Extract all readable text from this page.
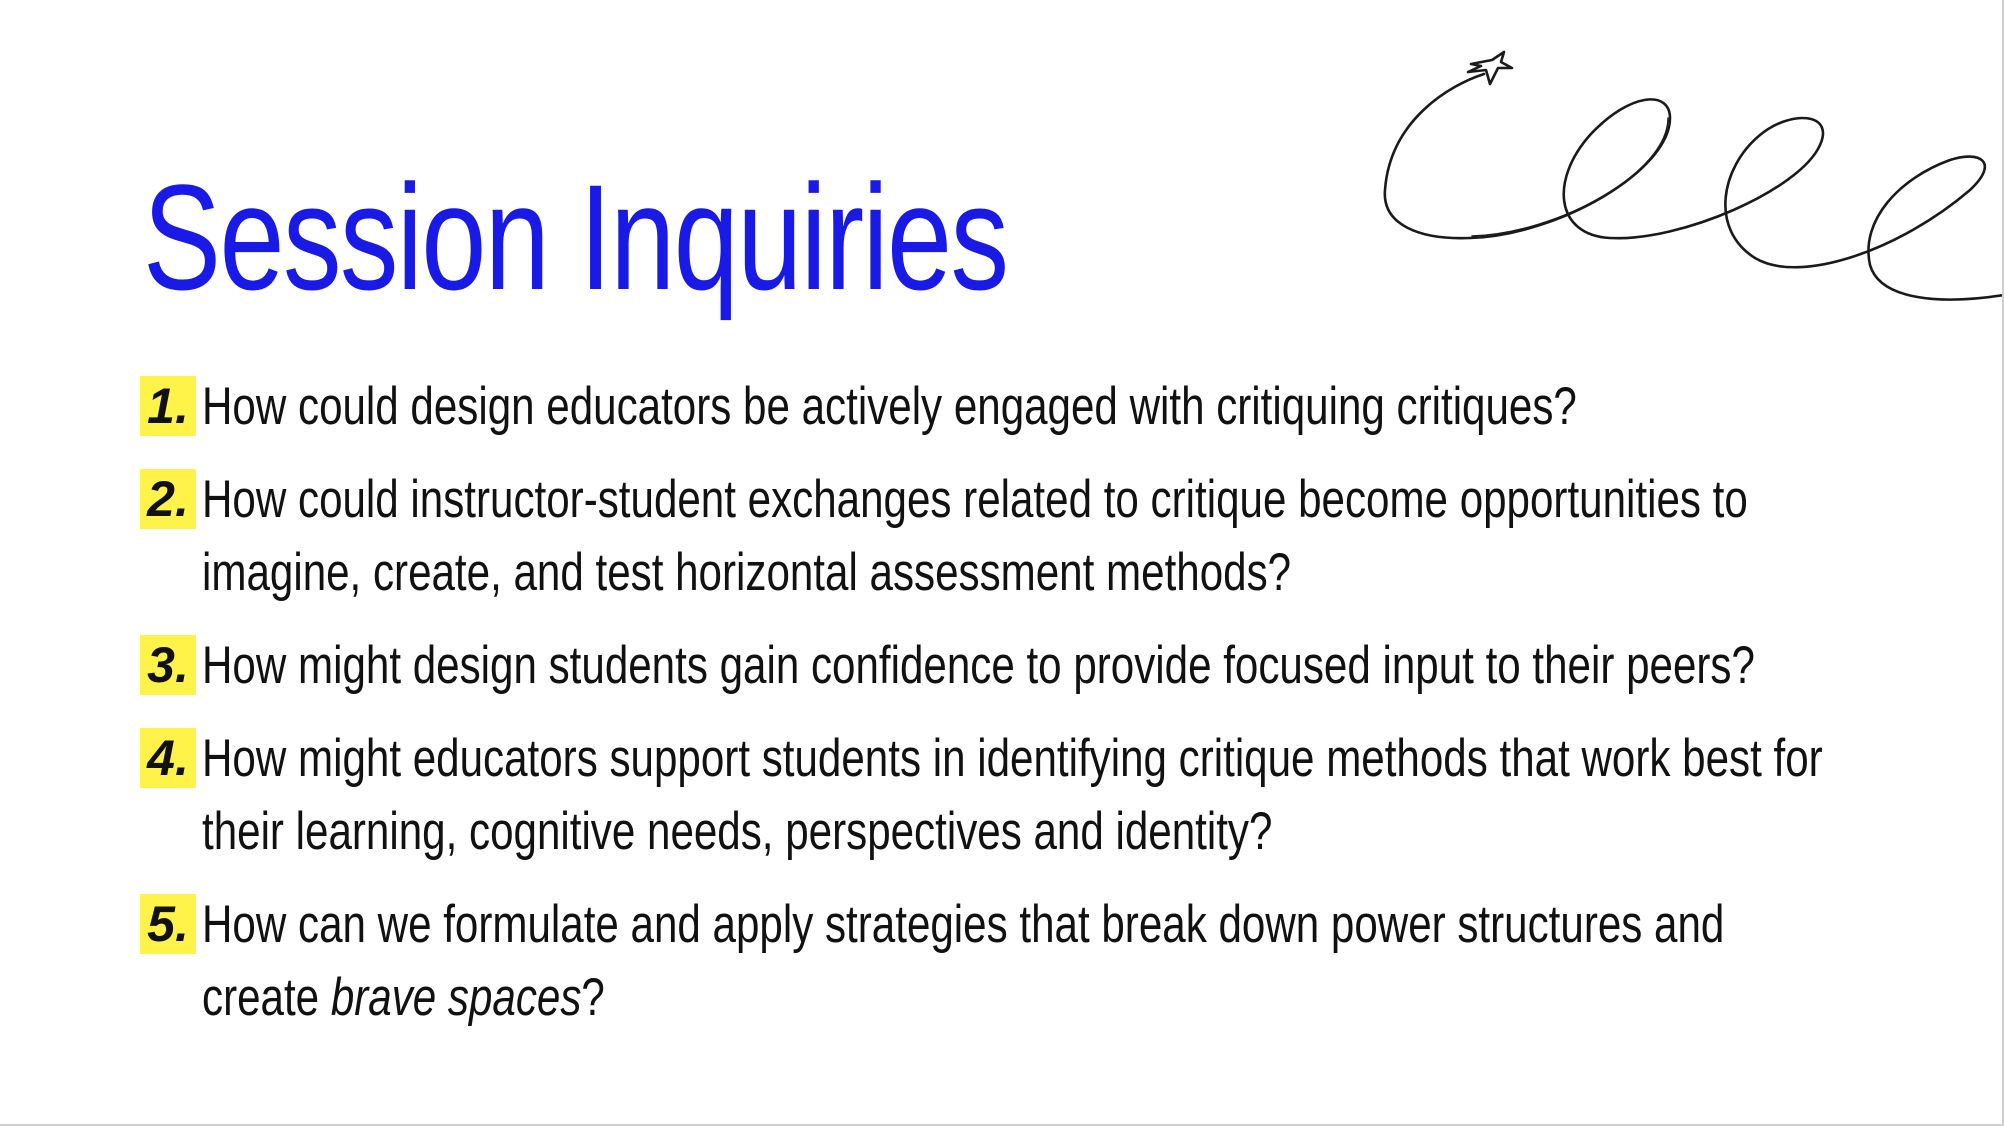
Session Inquiries
1. How could design educators be actively engaged with critiquing critiques?
2. How could instructor-student exchanges related to critique become opportunities to imagine, create, and test horizontal assessment methods?
3. How might design students gain confidence to provide focused input to their peers?
4. How might educators support students in identifying critique methods that work best for their learning, cognitive needs, perspectives and identity?
5. How can we formulate and apply strategies that break down power structures and create brave spaces?
